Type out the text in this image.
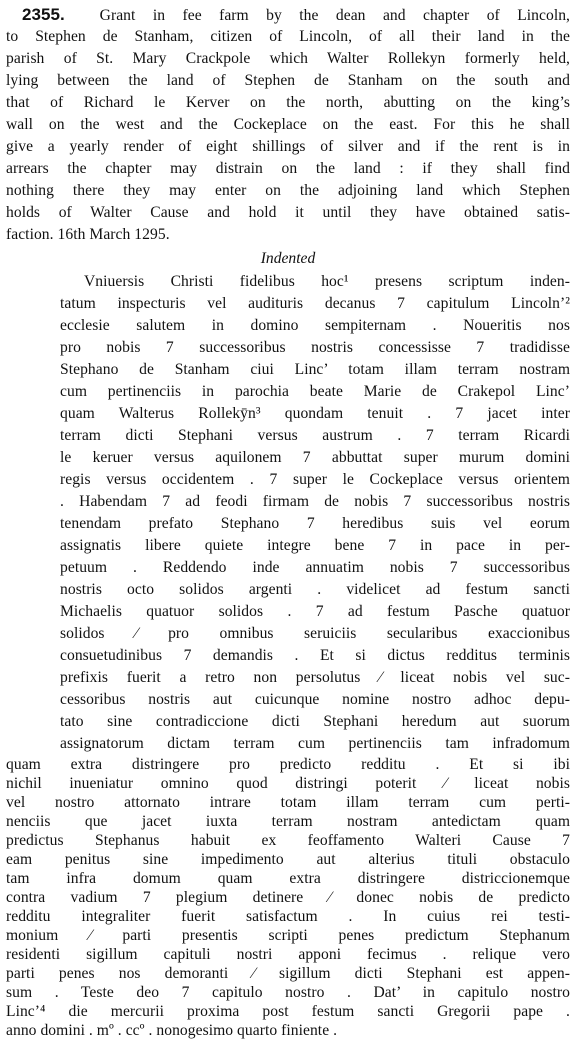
2355. Grant in fee farm by the dean and chapter of Lincoln,
to Stephen de Stanham, citizen of Lincoln, of all their land in the
parish of St. Mary Crackpole which Walter Rollekyn formerly held,
lying between the land of Stephen de Stanham on the south and
that of Richard le Kerver on the north, abutting on the king’s
wall on the west and the Cockeplace on the east. For this he shall
give a yearly render of eight shillings of silver and if the rent is in
arrears the chapter may distrain on the land : if they shall find
nothing there they may enter on the adjoining land which Stephen
holds of Walter Cause and hold it until they have obtained satis-
faction. 16th March 1295.
Indented
Vniuersis Christi fidelibus hoc¹ presens scriptum inden-
tatum inspecturis vel audituris decanus 7 capitulum Lincoln’²
ecclesie salutem in domino sempiternam . Noueritis nos
pro nobis 7 successoribus nostris concessisse 7 tradidisse
Stephano de Stanham ciui Linc’ totam illam terram nostram
cum pertinenciis in parochia beate Marie de Crakepol Linc’
quam Walterus Rollekȳn³ quondam tenuit . 7 jacet inter
terram dicti Stephani versus austrum . 7 terram Ricardi
le keruer versus aquilonem 7 abbuttat super murum domini
regis versus occidentem . 7 super le Cockeplace versus orientem
. Habendam 7 ad feodi firmam de nobis 7 successoribus nostris
tenendam prefato Stephano 7 heredibus suis vel eorum
assignatis libere quiete integre bene 7 in pace in per-
petuum . Reddendo inde annuatim nobis 7 successoribus
nostris octo solidos argenti . videlicet ad festum sancti
Michaelis quatuor solidos . 7 ad festum Pasche quatuor
solidos ⁄ pro omnibus seruiciis secularibus exaccionibus
consuetudinibus 7 demandis . Et si dictus redditus terminis
prefixis fuerit a retro non persolutus ⁄ liceat nobis vel suc-
cessoribus nostris aut cuicunque nomine nostro adhoc depu-
tato sine contradiccione dicti Stephani heredum aut suorum
assignatorum dictam terram cum pertinenciis tam infradomum
quam extra distringere pro predicto redditu . Et si ibi
nichil inueniatur omnino quod distringi poterit ⁄ liceat nobis
vel nostro attornato intrare totam illam terram cum perti-
nenciis que jacet iuxta terram nostram antedictam quam
predictus Stephanus habuit ex feoffamento Walteri Cause 7
eam penitus sine impedimento aut alterius tituli obstaculo
tam infra domum quam extra distringere districcionemque
contra vadium 7 plegium detinere ⁄ donec nobis de predicto
redditu integraliter fuerit satisfactum . In cuius rei testi-
monium ⁄ parti presentis scripti penes predictum Stephanum
residenti sigillum capituli nostri apponi fecimus . relique vero
parti penes nos demoranti ⁄ sigillum dicti Stephani est appen-
sum . Teste deo 7 capitulo nostro . Dat’ in capitulo nostro
Linc’⁴ die mercurii proxima post festum sancti Gregorii pape .
anno domini . mº . ccº . nonogesimo quarto finiente .
